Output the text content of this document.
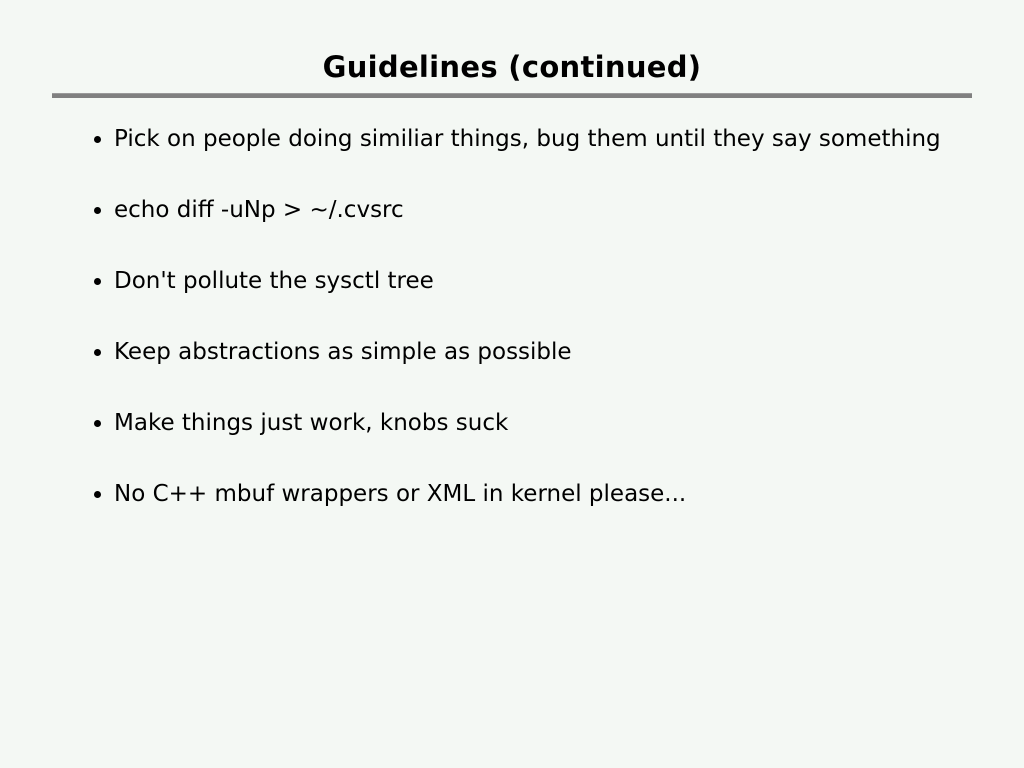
Guidelines (continued)
Pick on people doing similiar things, bug them until they say something
echo diff -uNp > ~/.cvsrc
Don't pollute the sysctl tree
Keep abstractions as simple as possible
Make things just work, knobs suck
No C++ mbuf wrappers or XML in kernel please...
